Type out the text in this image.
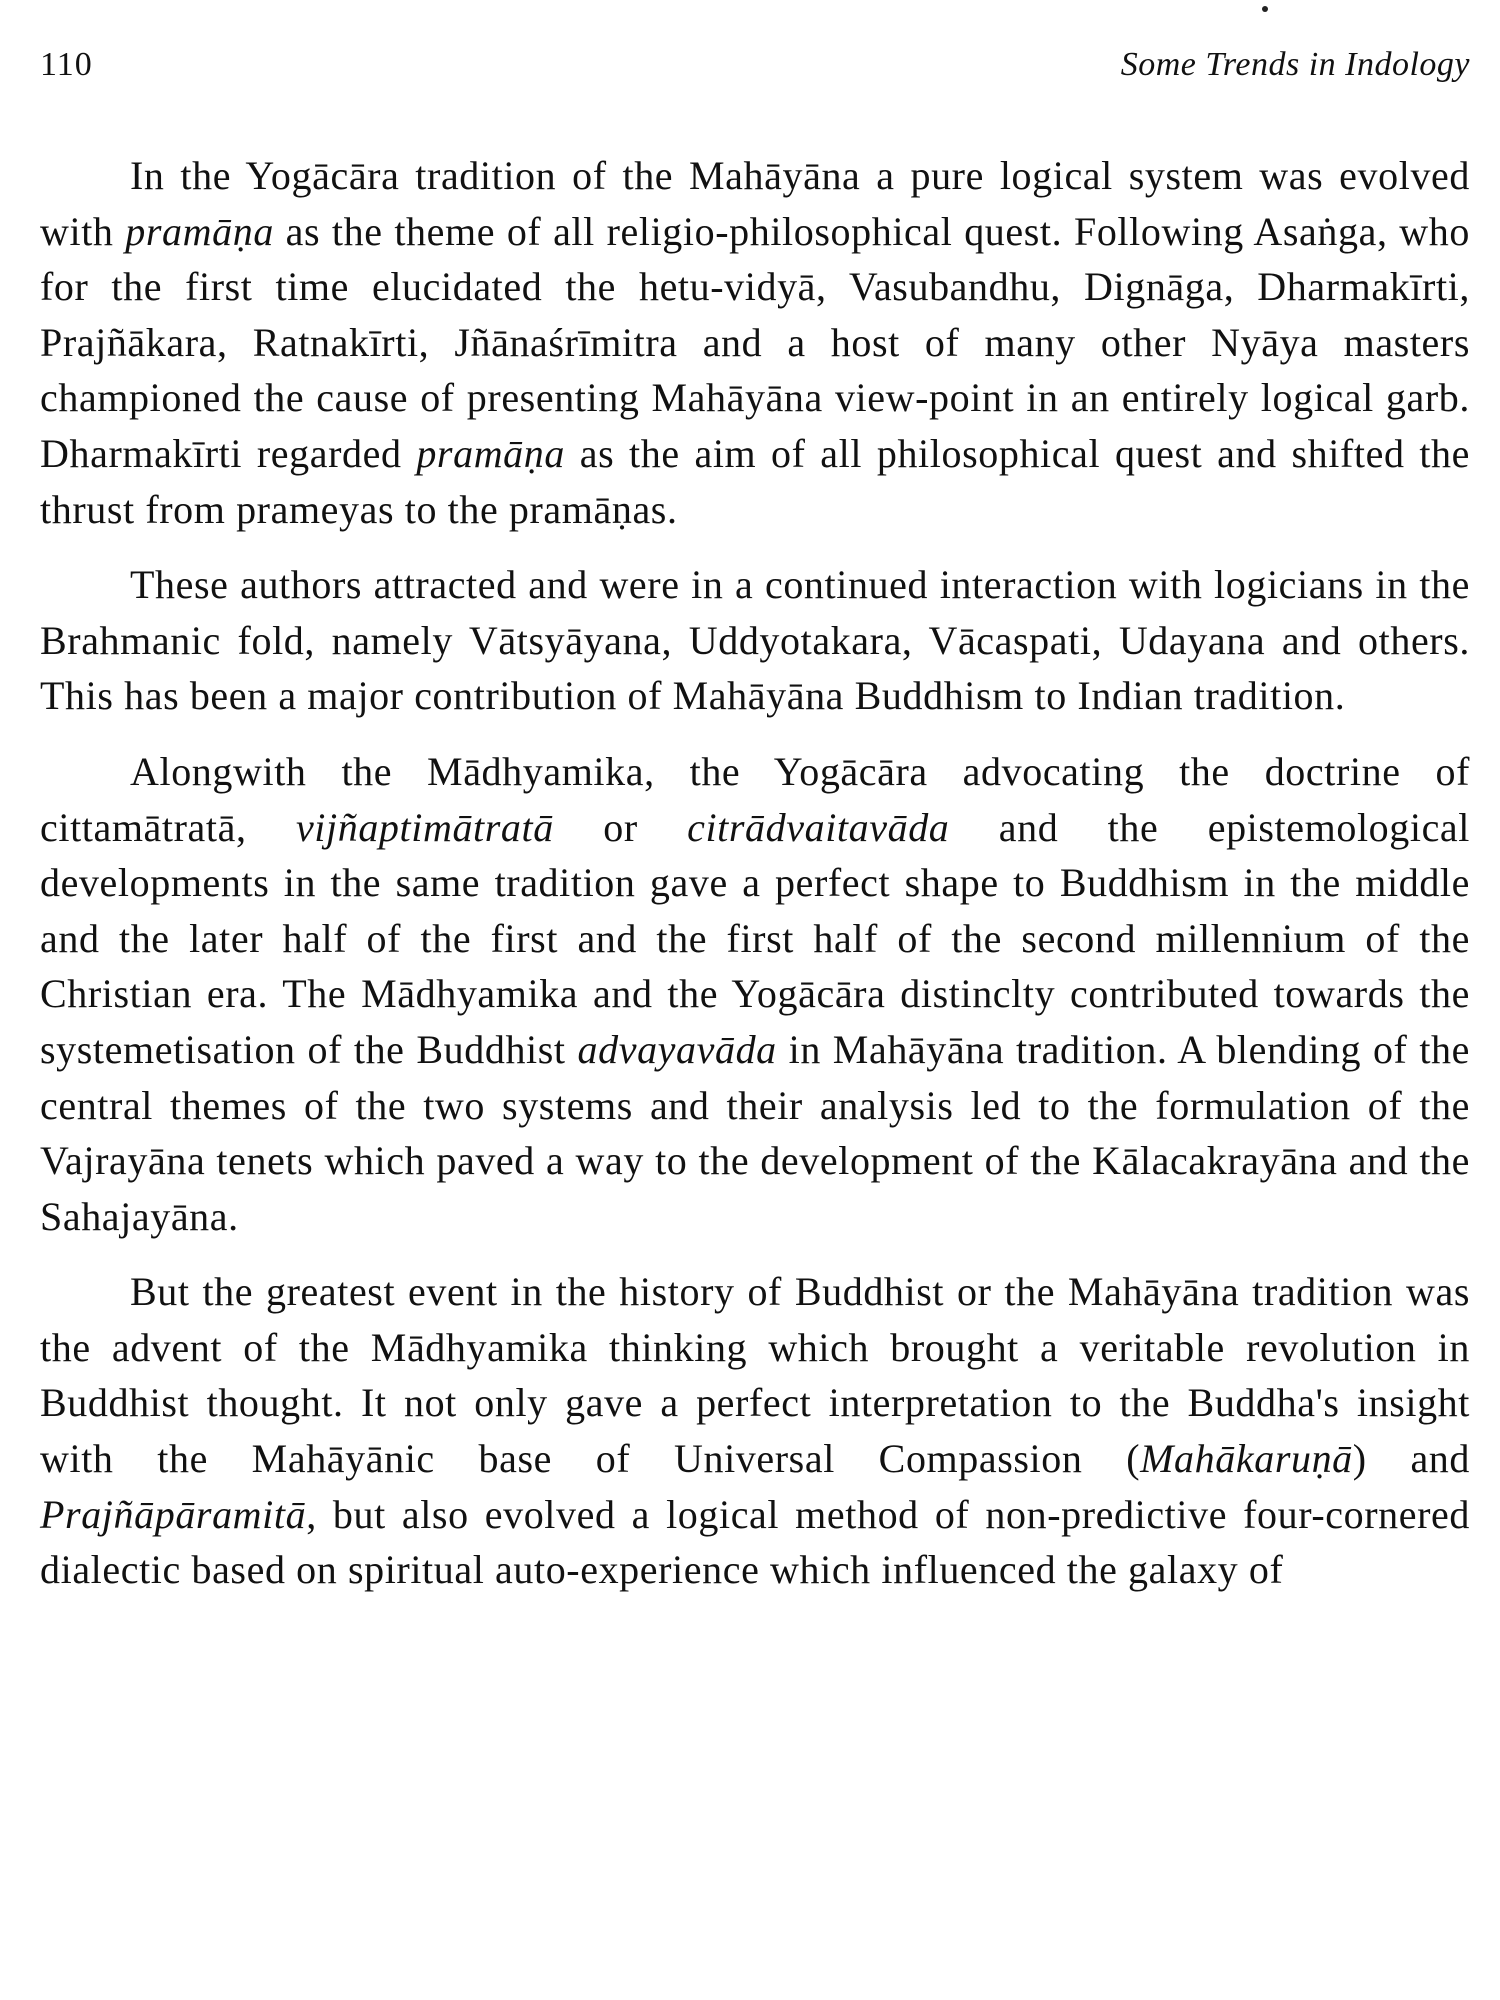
110	Some Trends in Indology

In the Yogācāra tradition of the Mahāyāna a pure logical system was evolved with pramāṇa as the theme of all religio-philosophical quest. Following Asaṅga, who for the first time elucidated the hetu-vidyā, Vasubandhu, Dignāga, Dharmakīrti, Prajñākara, Ratnakīrti, Jñānaśrīmitra and a host of many other Nyāya masters championed the cause of presenting Mahāyāna view-point in an entirely logical garb. Dharmakīrti regarded pramāṇa as the aim of all philosophical quest and shifted the thrust from prameyas to the pramāṇas.

These authors attracted and were in a continued interaction with logicians in the Brahmanic fold, namely Vātsyāyana, Uddyotakara, Vācaspati, Udayana and others. This has been a major contribution of Mahāyāna Buddhism to Indian tradition.

Alongwith the Mādhyamika, the Yogācāra advocating the doctrine of cittamātratā, vijñaptimātratā or citrādvaitavāda and the epistemological developments in the same tradition gave a perfect shape to Buddhism in the middle and the later half of the first and the first half of the second millennium of the Christian era. The Mādhyamika and the Yogācāra distinclty contributed towards the systemetisation of the Buddhist advayavāda in Mahāyāna tradition. A blending of the central themes of the two systems and their analysis led to the formulation of the Vajrayāna tenets which paved a way to the development of the Kālacakrayāna and the Sahajayāna.

But the greatest event in the history of Buddhist or the Mahāyāna tradition was the advent of the Mādhyamika thinking which brought a veritable revolution in Buddhist thought. It not only gave a perfect interpretation to the Buddha's insight with the Mahāyānic base of Universal Compassion (Mahākaruṇā) and Prajñāpāramitā, but also evolved a logical method of non-predictive four-cornered dialectic based on spiritual auto-experience which influenced the galaxy of
